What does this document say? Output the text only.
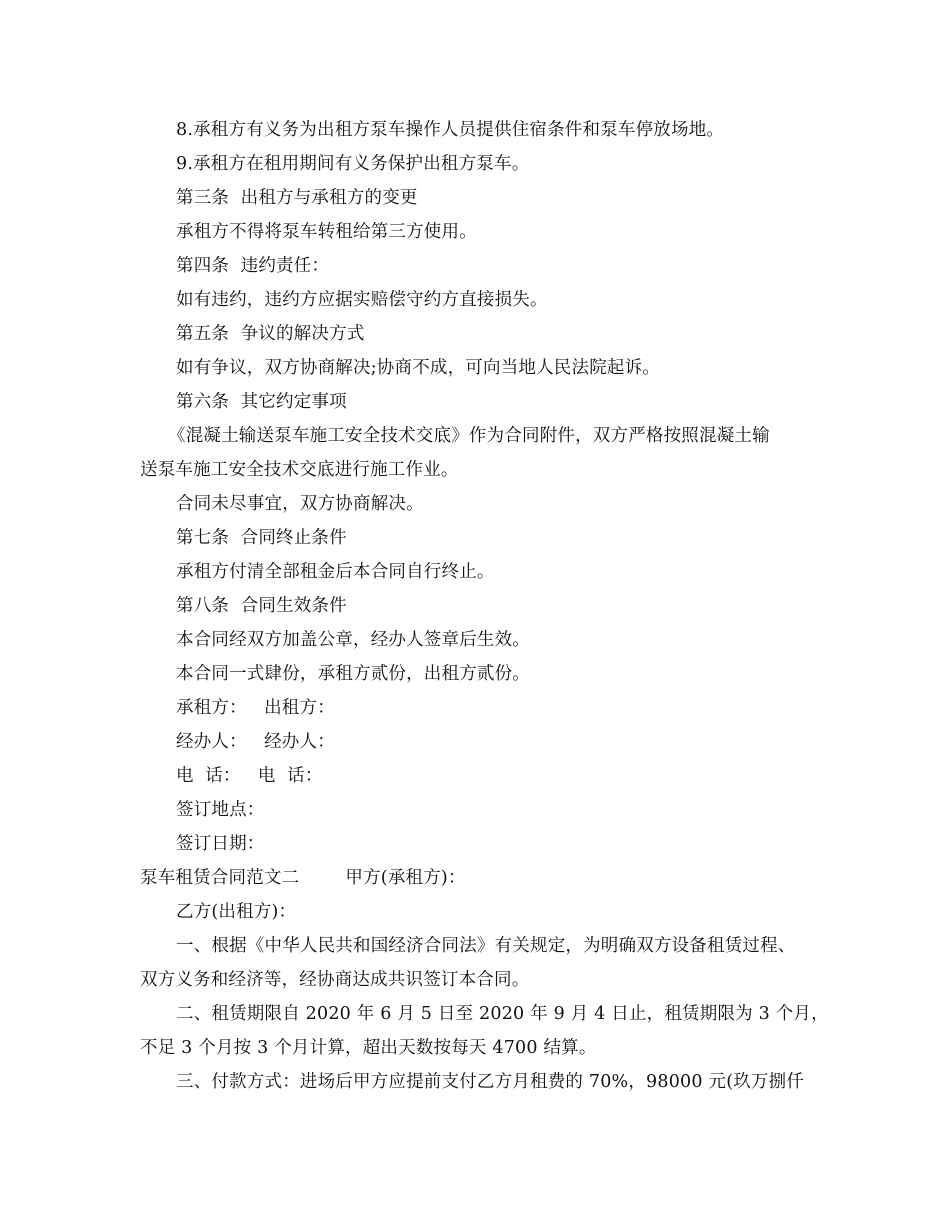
8.承租方有义务为出租方泵车操作人员提供住宿条件和泵车停放场地。
9.承租方在租用期间有义务保护出租方泵车。
第三条  出租方与承租方的变更
承租方不得将泵车转租给第三方使用。
第四条  违约责任：
如有违约，违约方应据实赔偿守约方直接损失。
第五条  争议的解决方式
如有争议，双方协商解决;协商不成，可向当地人民法院起诉。
第六条  其它约定事项
《混凝土输送泵车施工安全技术交底》作为合同附件，双方严格按照混凝土输
送泵车施工安全技术交底进行施工作业。
合同未尽事宜，双方协商解决。
第七条  合同终止条件
承租方付清全部租金后本合同自行终止。
第八条  合同生效条件
本合同经双方加盖公章，经办人签章后生效。
本合同一式肆份，承租方贰份，出租方贰份。
承租方：   出租方：
经办人：   经办人：
电  话：   电  话：
签订地点：
签订日期：
泵车租赁合同范文二        甲方(承租方)：
乙方(出租方)：
一、根据《中华人民共和国经济合同法》有关规定，为明确双方设备租赁过程、
双方义务和经济等，经协商达成共识签订本合同。
二、租赁期限自 2020 年 6 月 5 日至 2020 年 9 月 4 日止，租赁期限为 3 个月，
不足 3 个月按 3 个月计算，超出天数按每天 4700 结算。
三、付款方式：进场后甲方应提前支付乙方月租费的 70%，98000 元(玖万捌仟
